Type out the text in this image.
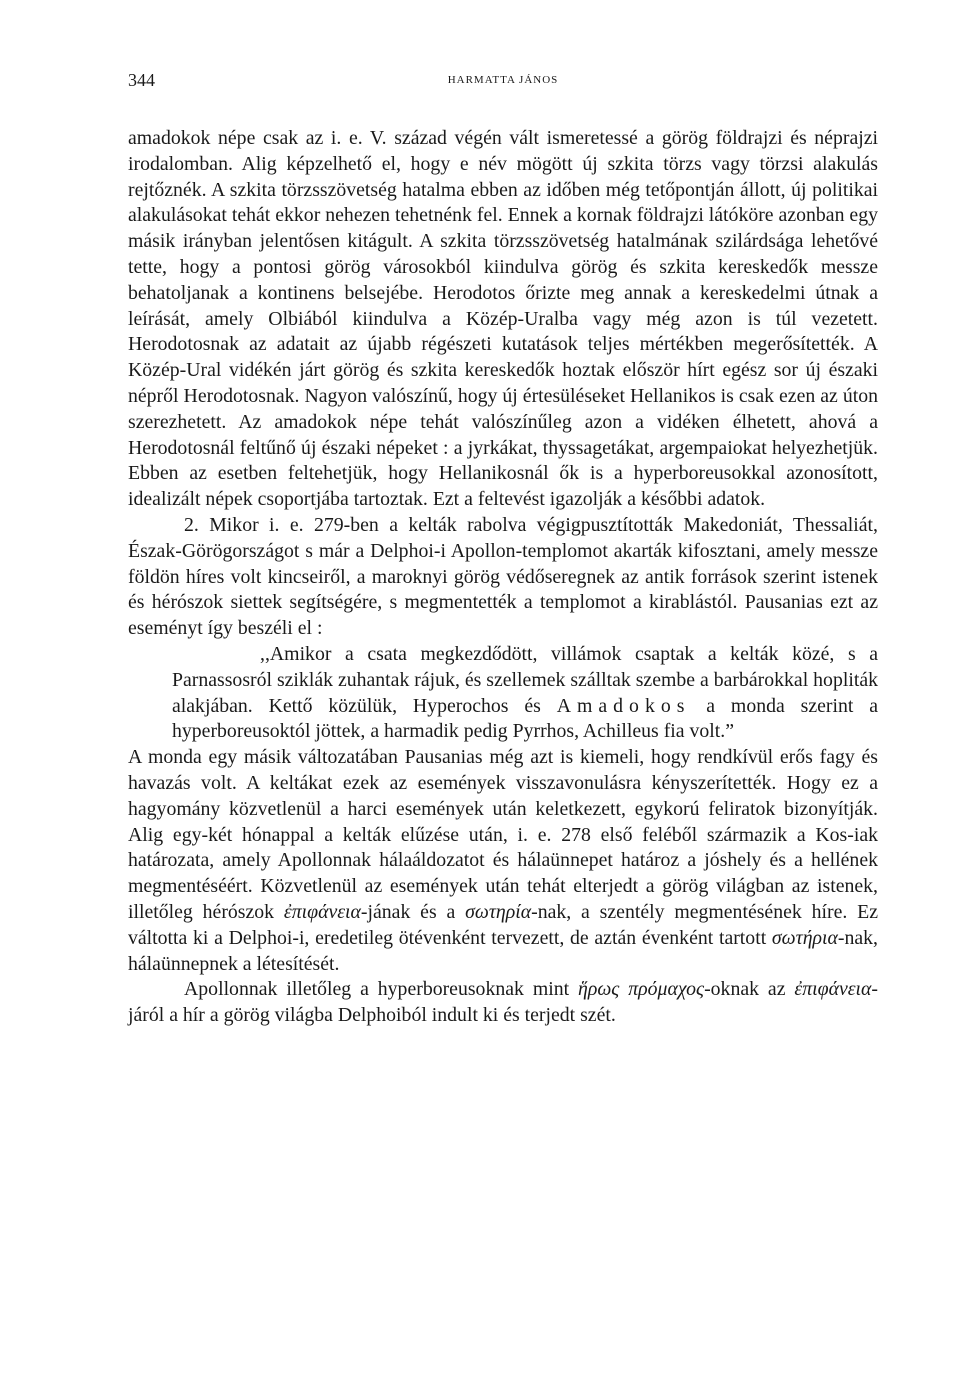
344	HARMATTA JÁNOS

amadokok népe csak az i. e. V. század végén vált ismeretessé a görög földrajzi és néprajzi irodalomban. Alig képzelhető el, hogy e név mögött új szkita törzs vagy törzsi alakulás rejtőznék. A szkita törzsszövetség hatalma ebben az időben még tetőpontján állott, új politikai alakulásokat tehát ekkor nehezen tehetnénk fel. Ennek a kornak földrajzi látóköre azonban egy másik irányban jelentősen kitágult. A szkita törzsszövetség hatalmának szilárdsága lehetővé tette, hogy a pontosi görög városokból kiindulva görög és szkita kereskedők messze behatoljanak a kontinens belsejébe. Herodotos őrizte meg annak a kereskedelmi útnak a leírását, amely Olbiából kiindulva a Közép-Uralba vagy még azon is túl vezetett. Herodotosnak az adatait az újabb régészeti kutatások teljes mértékben megerősítették. A Közép-Ural vidékén járt görög és szkita kereskedők hoztak először hírt egész sor új északi népről Herodotosnak. Nagyon valószínű, hogy új értesüléseket Hellanikos is csak ezen az úton szerezhetett. Az amadokok népe tehát valószínűleg azon a vidéken élhetett, ahová a Herodotosnál feltűnő új északi népeket : a jyrkákat, thyssagetákat, argempaiokat helyezhetjük. Ebben az esetben feltehetjük, hogy Hellanikosnál ők is a hyperboreusokkal azonosított, idealizált népek csoportjába tartoztak. Ezt a feltevést igazolják a későbbi adatok.

2. Mikor i. e. 279-ben a kelták rabolva végigpusztították Makedoniát, Thessaliát, Észak-Görögországot s már a Delphoi-i Apollon-templomot akarták kifosztani, amely messze földön híres volt kincseiről, a maroknyi görög védőseregnek az antik források szerint istenek és hérószok siettek segítségére, s megmentették a templomot a kirablástól. Pausanias ezt az eseményt így beszéli el :

,,Amikor a csata megkezdődött, villámok csaptak a kelták közé, s a Parnassosról sziklák zuhantak rájuk, és szellemek szálltak szembe a barbárokkal hopliták alakjában. Kettő közülük, Hyperochos és Amadokos a monda szerint a hyperboreusoktól jöttek, a harmadik pedig Pyrrhos, Achilleus fia volt.”

A monda egy másik változatában Pausanias még azt is kiemeli, hogy rendkívül erős fagy és havazás volt. A keltákat ezek az események visszavonulásra kényszerítették. Hogy ez a hagyomány közvetlenül a harci események után keletkezett, egykorú feliratok bizonyítják. Alig egy-két hónappal a kelták elűzése után, i. e. 278 első feléből származik a Kos-iak határozata, amely Apollonnak hálaáldozatot és hálaünnepet határoz a jóshely és a hellének megmentéséért. Közvetlenül az események után tehát elterjedt a görög világban az istenek, illetőleg hérószok ἐπιφάνεια-jának és a σωτηρία-nak, a szentély megmentésének híre. Ez váltotta ki a Delphoi-i, eredetileg ötévenként tervezett, de aztán évenként tartott σωτήρια-nak, hálaünnepnek a létesítését.

Apollonnak illetőleg a hyperboreusoknak mint ἥρως πρόμαχος-oknak az ἐπιφάνεια-járól a hír a görög világba Delphoiból indult ki és terjedt szét.
